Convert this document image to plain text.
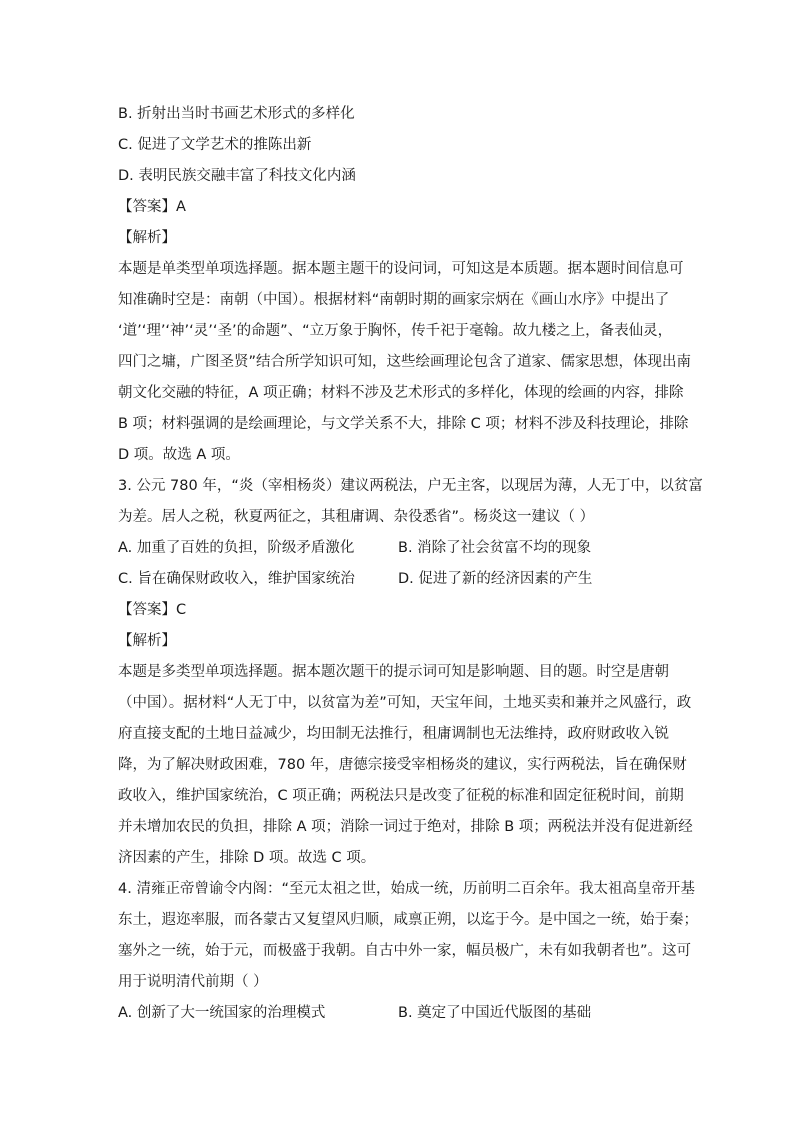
B. 折射出当时书画艺术形式的多样化
C. 促进了文学艺术的推陈出新
D. 表明民族交融丰富了科技文化内涵
【答案】A
【解析】
本题是单类型单项选择题。据本题主题干的设问词，可知这是本质题。据本题时间信息可
知准确时空是：南朝（中国）。根据材料“南朝时期的画家宗炳在《画山水序》中提出了
‘道’‘理’‘神’‘灵’‘圣’的命题”、“立万象于胸怀，传千祀于毫翰。故九楼之上，备表仙灵，
四门之墉，广图圣贤”结合所学知识可知，这些绘画理论包含了道家、儒家思想，体现出南
朝文化交融的特征，A 项正确；材料不涉及艺术形式的多样化，体现的绘画的内容，排除
B 项；材料强调的是绘画理论，与文学关系不大，排除 C 项；材料不涉及科技理论，排除
D 项。故选 A 项。
3. 公元 780 年，“炎（宰相杨炎）建议两税法，户无主客，以现居为薄，人无丁中，以贫富
为差。居人之税，秋夏两征之，其租庸调、杂役悉省”。杨炎这一建议（ ）
A. 加重了百姓的负担，阶级矛盾激化	B. 消除了社会贫富不均的现象
C. 旨在确保财政收入，维护国家统治	D. 促进了新的经济因素的产生
【答案】C
【解析】
本题是多类型单项选择题。据本题次题干的提示词可知是影响题、目的题。时空是唐朝
（中国）。据材料“人无丁中，以贫富为差”可知，天宝年间，土地买卖和兼并之风盛行，政
府直接支配的土地日益减少，均田制无法推行，租庸调制也无法维持，政府财政收入锐
降，为了解决财政困难，780 年，唐德宗接受宰相杨炎的建议，实行两税法，旨在确保财
政收入，维护国家统治，C 项正确；两税法只是改变了征税的标准和固定征税时间，前期
并未增加农民的负担，排除 A 项；消除一词过于绝对，排除 B 项；两税法并没有促进新经
济因素的产生，排除 D 项。故选 C 项。
4. 清雍正帝曾谕令内阁：“至元太祖之世，始成一统，历前明二百余年。我太祖高皇帝开基
东土，遐迩率服，而各蒙古又复望风归顺，咸禀正朔，以迄于今。是中国之一统，始于秦；
塞外之一统，始于元，而极盛于我朝。自古中外一家，幅员极广，未有如我朝者也”。这可
用于说明清代前期（ ）
A. 创新了大一统国家的治理模式	B. 奠定了中国近代版图的基础
